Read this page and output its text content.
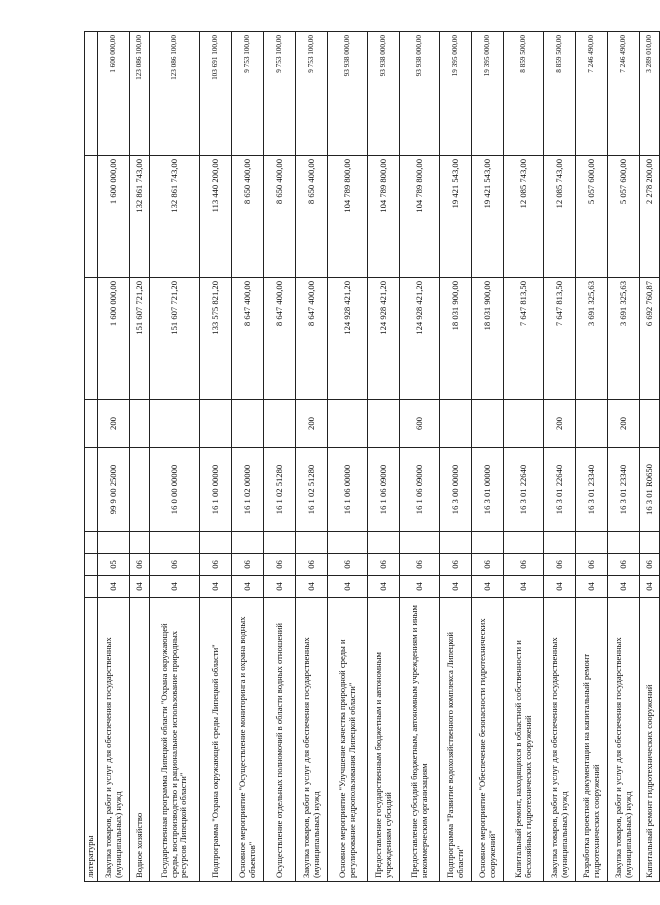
литературы								
Закупка товаров, работ и услуг для обеспечения государственных (муниципальных) нужд	04	05		99 9 00 25000	200	1 600 000,00	1 600 000,00	1 600 000,00
Водное хозяйство	04	06				151 607 721,20	132 861 743,00	123 086 100,00
Государственная программа Липецкой области "Охрана окружающей среды, воспроизводство и рациональное использование природных ресурсов Липецкой области"	04	06		16 0 00 00000		151 607 721,20	132 861 743,00	123 086 100,00
Подпрограмма "Охрана окружающей среды Липецкой области"	04	06		16 1 00 00000		133 575 821,20	113 440 200,00	103 691 100,00
Основное мероприятие "Осуществление мониторинга и охрана водных объектов"	04	06		16 1 02 00000		8 647 400,00	8 650 400,00	9 753 100,00
Осуществление отдельных полномочий в области водных отношений	04	06		16 1 02 51280		8 647 400,00	8 650 400,00	9 753 100,00
Закупка товаров, работ и услуг для обеспечения государственных (муниципальных) нужд	04	06		16 1 02 51280	200	8 647 400,00	8 650 400,00	9 753 100,00
Основное мероприятие "Улучшение качества природной среды и регулирование недропользования Липецкой области"	04	06		16 1 06 00000		124 928 421,20	104 789 800,00	93 938 000,00
Предоставление государственным бюджетным и автономным учреждениям субсидий	04	06		16 1 06 09000		124 928 421,20	104 789 800,00	93 938 000,00
Предоставление субсидий бюджетным, автономным учреждениям и иным некоммерческим организациям	04	06		16 1 06 09000	600	124 928 421,20	104 789 800,00	93 938 000,00
Подпрограмма "Развитие водохозяйственного комплекса Липецкой области"	04	06		16 3 00 00000		18 031 900,00	19 421 543,00	19 395 000,00
Основное мероприятие "Обеспечение безопасности гидротехнических сооружений"	04	06		16 3 01 00000		18 031 900,00	19 421 543,00	19 395 000,00
Капитальный ремонт, находящихся в областной собственности и бесхозяйных гидротехнических сооружений	04	06		16 3 01 22640		7 647 813,50	12 085 743,00	8 859 500,00
Закупка товаров, работ и услуг для обеспечения государственных (муниципальных) нужд	04	06		16 3 01 22640	200	7 647 813,50	12 085 743,00	8 859 500,00
Разработка проектной документации на капитальный ремонт гидротехнических сооружений	04	06		16 3 01 23340		3 691 325,63	5 057 600,00	7 246 490,00
Закупка товаров, работ и услуг для обеспечения государственных (муниципальных) нужд	04	06		16 3 01 23340	200	3 691 325,63	5 057 600,00	7 246 490,00
Капитальный ремонт гидротехнических сооружений	04	06		16 3 01 R0650		6 692 760,87	2 278 200,00	3 289 010,00
